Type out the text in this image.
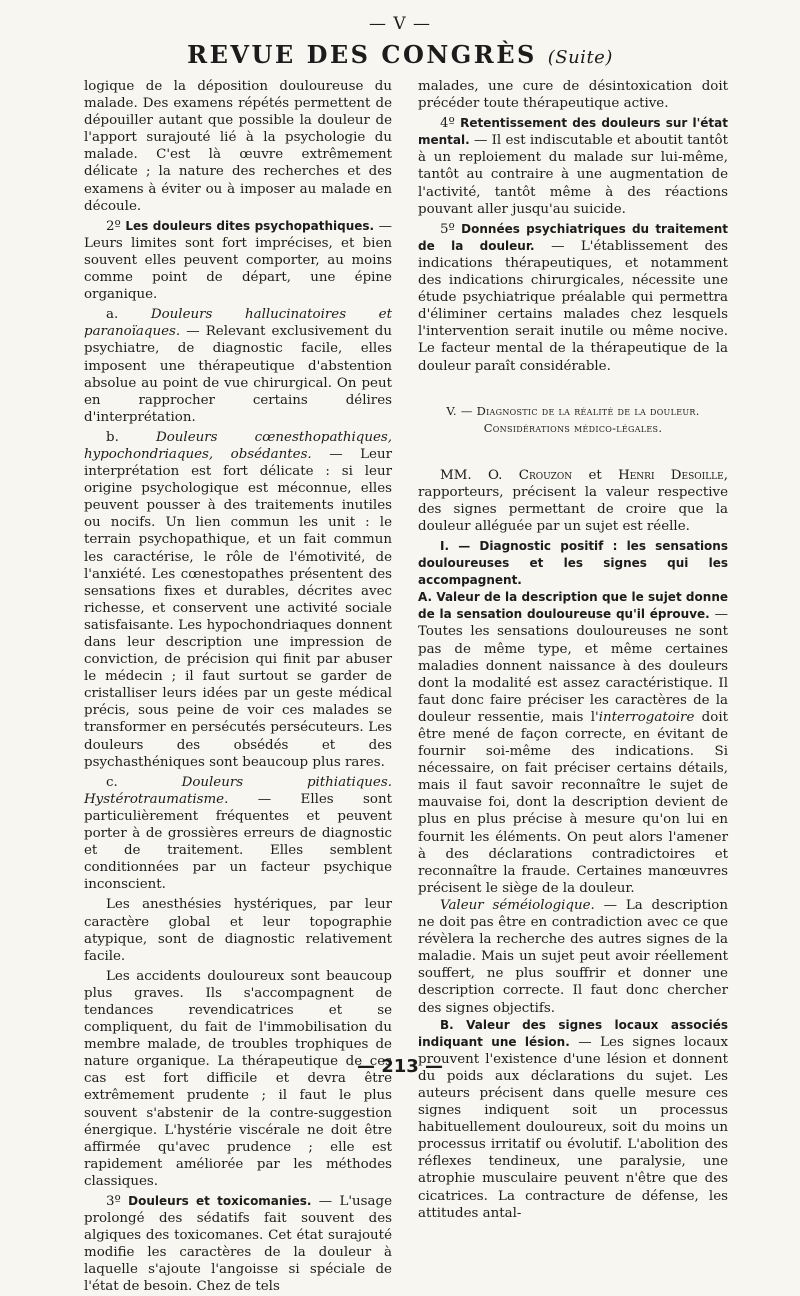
— V —
REVUE DES CONGRÈS (Suite)

logique de la déposition douloureuse du malade. Des examens répétés permettent de dépouiller autant que possible la douleur de l'apport surajouté lié à la psychologie du malade. C'est là œuvre extrêmement délicate ; la nature des recherches et des examens à éviter ou à imposer au malade en découle.

2º Les douleurs dites psychopathiques. — Leurs limites sont fort imprécises, et bien souvent elles peuvent comporter, au moins comme point de départ, une épine organique.

a. Douleurs hallucinatoires et paranoïaques. — Relevant exclusivement du psychiatre, de diagnostic facile, elles imposent une thérapeutique d'abstention absolue au point de vue chirurgical. On peut en rapprocher certains délires d'interprétation.

b.	Douleurs cœnesthopathiques, hypochondriaques, obsédantes. — Leur interprétation est fort délicate : si leur origine psychologique est méconnue, elles peuvent pousser à des traitements inutiles ou nocifs. Un lien commun les unit : le terrain psychopathique, et un fait commun les caractérise, le rôle de l'émotivité, de l'anxiété. Les cœnestopathes présentent des sensations fixes et durables, décrites avec richesse, et conservent une activité sociale satisfaisante. Les hypochondriaques donnent dans leur description une impression de conviction, de précision qui finit par abuser le médecin ; il faut surtout se garder de cristalliser leurs idées par un geste médical précis, sous peine de voir ces malades se transformer en persécutés persécuteurs. Les douleurs des obsédés et des psychasthéniques sont beaucoup plus rares.

c.	Douleurs pithiatiques. Hystérotraumatisme. — Elles sont particulièrement fréquentes et peuvent porter à de grossières erreurs de diagnostic et de traitement. Elles semblent conditionnées par un facteur psychique inconscient.

Les anesthésies hystériques, par leur caractère global et leur topographie atypique, sont de diagnostic relativement facile.

Les accidents douloureux sont beaucoup plus graves. Ils s'accompagnent de tendances revendicatrices et se compliquent, du fait de l'immobilisation du membre malade, de troubles trophiques de nature organique. La thérapeutique de ces cas est fort difficile et devra être extrêmement prudente ; il faut le plus souvent s'abstenir de la contre-suggestion énergique. L'hystérie viscérale ne doit être affirmée qu'avec prudence ; elle est rapidement améliorée par les méthodes classiques.

3º Douleurs et toxicomanies. — L'usage prolongé des sédatifs fait souvent des algiques des toxicomanes. Cet état surajouté modifie les caractères de la douleur à laquelle s'ajoute l'angoisse si spéciale de l'état de besoin. Chez de tels

malades, une cure de désintoxication doit précéder toute thérapeutique active.

4º Retentissement des douleurs sur l'état mental. — Il est indiscutable et aboutit tantôt à un reploiement du malade sur lui-même, tantôt au contraire à une augmentation de l'activité, tantôt même à des réactions pouvant aller jusqu'au suicide.

5º Données psychiatriques du traitement de la douleur. — L'établissement des indications thérapeutiques, et notamment des indications chirurgicales, nécessite une étude psychiatrique préalable qui permettra d'éliminer certains malades chez lesquels l'intervention serait inutile ou même nocive. Le facteur mental de la thérapeutique de la douleur paraît considérable.

V. — Diagnostic de la réalité de la douleur.
Considérations médico-légales.

MM. O. Crouzon et Henri Desoille, rapporteurs, précisent la valeur respective des signes permettant de croire que la douleur alléguée par un sujet est réelle.

I. — Diagnostic positif : les sensations douloureuses et les signes qui les accompagnent.

A. Valeur de la description que le sujet donne de la sensation douloureuse qu'il éprouve. — Toutes les sensations douloureuses ne sont pas de même type, et même certaines maladies donnent naissance à des douleurs dont la modalité est assez caractéristique. Il faut donc faire préciser les caractères de la douleur ressentie, mais l'interrogatoire doit être mené de façon correcte, en évitant de fournir soi-même des indications. Si nécessaire, on fait préciser certains détails, mais il faut savoir reconnaître le sujet de mauvaise foi, dont la description devient de plus en plus précise à mesure qu'on lui en fournit les éléments. On peut alors l'amener à des déclarations contradictoires et reconnaître la fraude. Certaines manœuvres précisent le siège de la douleur.

Valeur séméiologique. — La description ne doit pas être en contradiction avec ce que révèlera la recherche des autres signes de la maladie. Mais un sujet peut avoir réellement souffert, ne plus souffrir et donner une description correcte. Il faut donc chercher des signes objectifs.

B. Valeur des signes locaux associés indiquant une lésion. — Les signes locaux prouvent l'existence d'une lésion et donnent du poids aux déclarations du sujet. Les auteurs précisent dans quelle mesure ces signes indiquent soit un processus habituellement douloureux, soit du moins un processus irritatif ou évolutif. L'abolition des réflexes tendineux, une paralysie, une atrophie musculaire peuvent n'être que des cicatrices. La contracture de défense, les attitudes antal-

— 213 —
